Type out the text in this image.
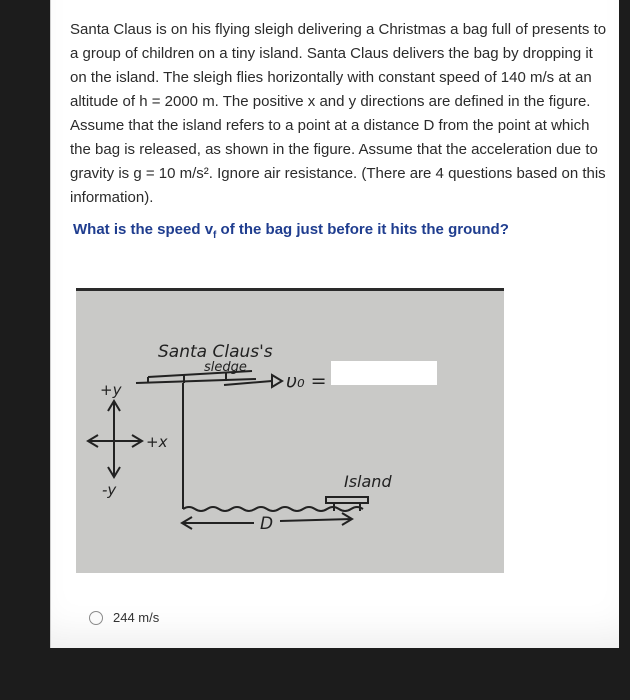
Santa Claus is on his flying sleigh delivering a Christmas a bag full of presents to a group of children on a tiny island. Santa Claus delivers the bag by dropping it on the island. The sleigh flies horizontally with constant speed of 140 m/s at an altitude of h = 2000 m. The positive x and y directions are defined in the figure. Assume that the island refers to a point at a distance D from the point at which the bag is released, as shown in the figure. Assume that the acceleration due to gravity is g = 10 m/s². Ignore air resistance. (There are 4 questions based on this information).

What is the speed $v_f$ of the bag just before it hits the ground?
Santa Claus's
sledge
υ₀ =
+y
-y
+x
Island
D
244 m/s
